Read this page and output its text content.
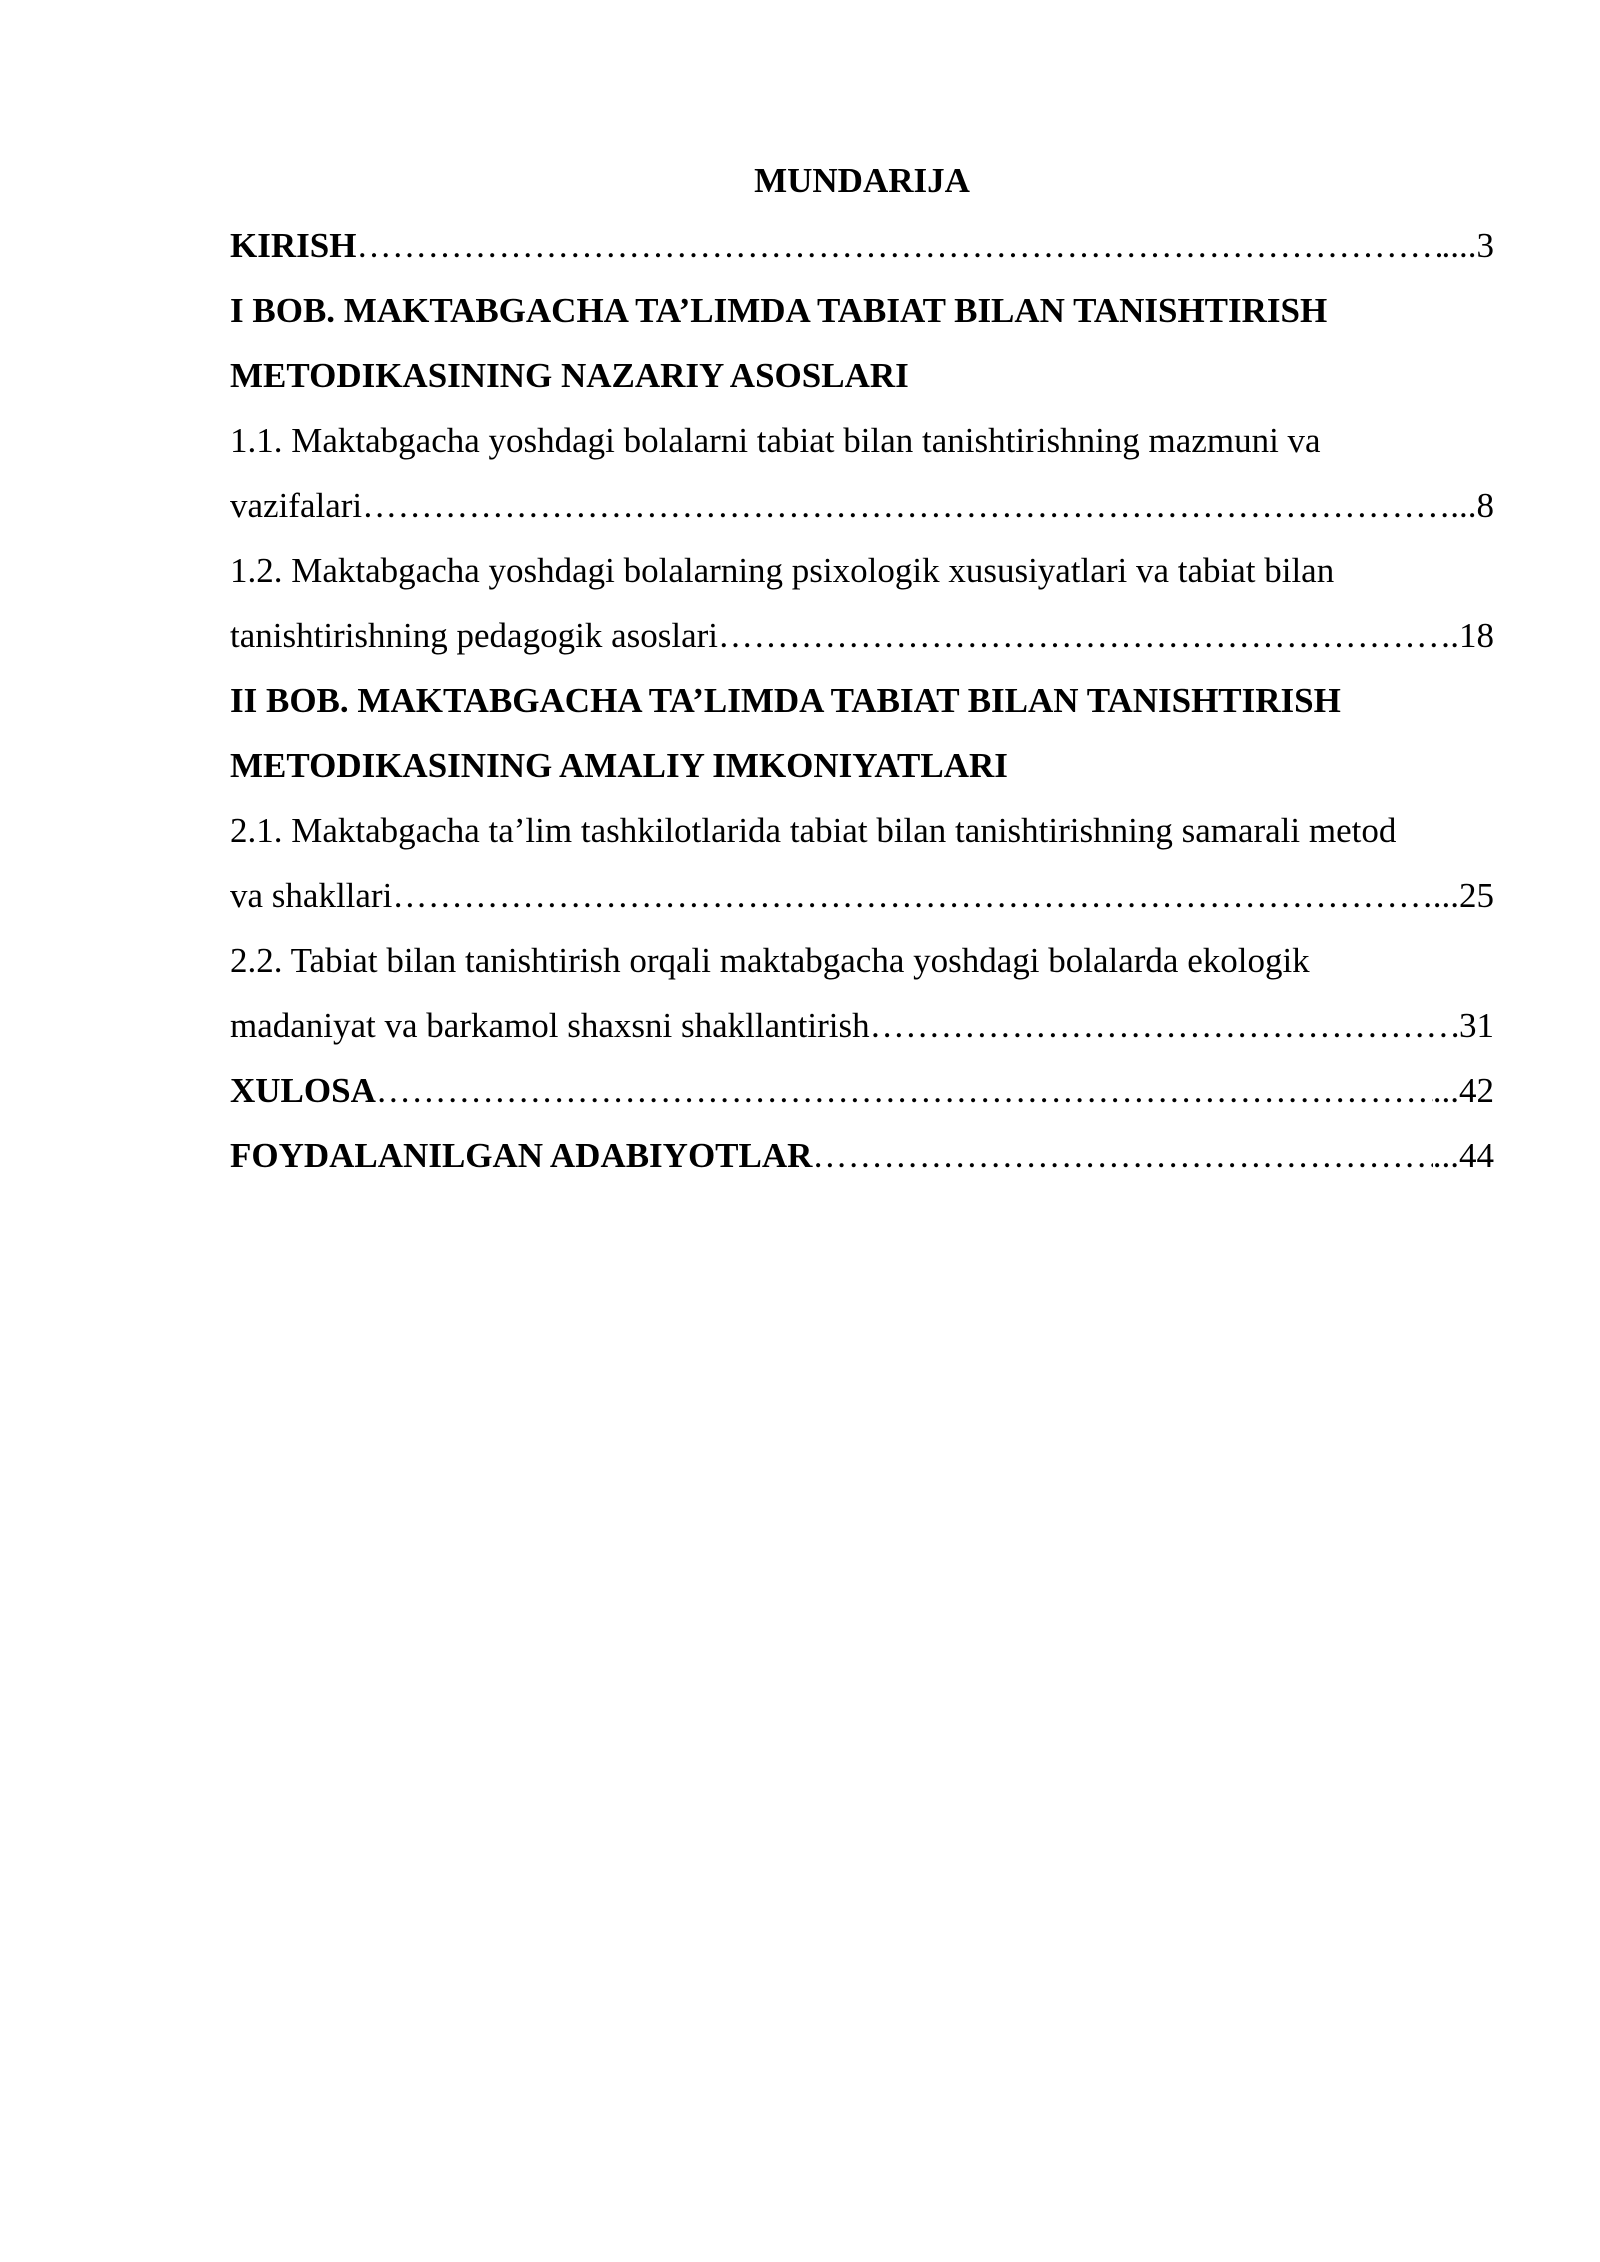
MUNDARIJA
KIRISH …………………………………………………………………………………………………………………………………………………………………………………………………………	....3
I BOB. MAKTABGACHA TA’LIMDA TABIAT BILAN TANISHTIRISH
METODIKASINING NAZARIY ASOSLARI
1.1. Maktabgacha yoshdagi bolalarni tabiat bilan tanishtirishning mazmuni va
vazifalari …………………………………………………………………………………………………………………………………………………………………………………………………………	...8
1.2. Maktabgacha yoshdagi bolalarning psixologik xususiyatlari va tabiat bilan
tanishtirishning pedagogik asoslari …………………………………………………………………………………………………………………………………………………………………………………………………………	.18
II BOB. MAKTABGACHA TA’LIMDA TABIAT BILAN TANISHTIRISH
METODIKASINING AMALIY IMKONIYATLARI
2.1. Maktabgacha ta’lim tashkilotlarida tabiat bilan tanishtirishning samarali metod
va shakllari …………………………………………………………………………………………………………………………………………………………………………………………………………	...25
2.2. Tabiat bilan tanishtirish orqali maktabgacha yoshdagi bolalarda ekologik
madaniyat va barkamol shaxsni shakllantirish …………………………………………………………………………………………………………………………………………………………………………………………………………	31
XULOSA …………………………………………………………………………………………………………………………………………………………………………………………………………	...42
FOYDALANILGAN ADABIYOTLAR …………………………………………………………………………………………………………………………………………………………………………………………………………	...44
